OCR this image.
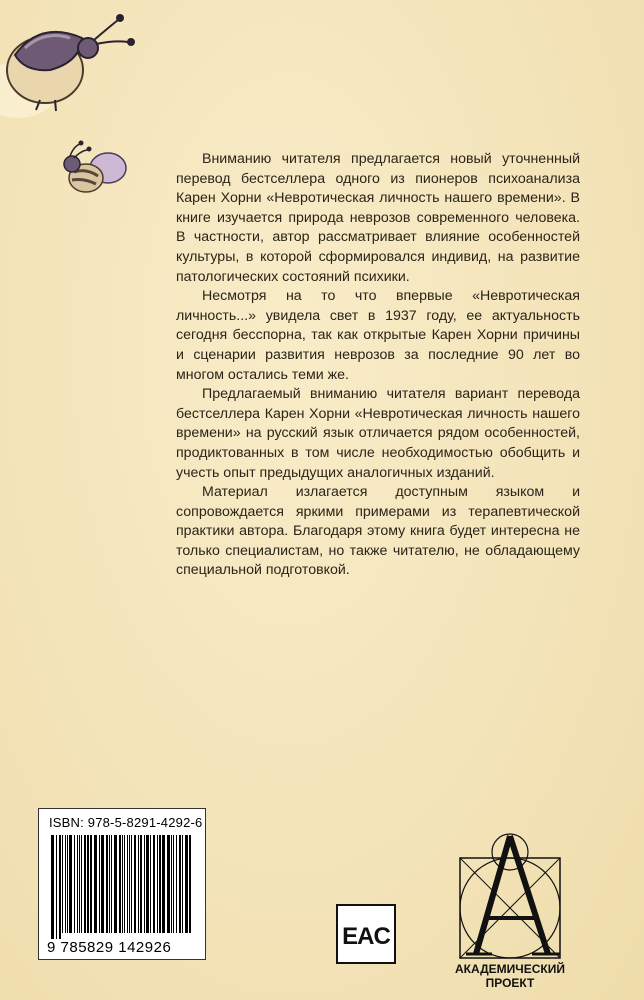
Вниманию читателя предлагается новый уточненный перевод бестселлера одного из пионеров психоанализа Карен Хорни «Невротическая личность нашего времени». В книге изучается природа неврозов современного человека. В частности, автор рассматривает влияние особенностей культуры, в которой сформировался индивид, на развитие патологических состояний психики.

Несмотря на то что впервые «Невротическая личность...» увидела свет в 1937 году, ее актуальность сегодня бесспорна, так как открытые Карен Хорни причины и сценарии развития неврозов за последние 90 лет во многом остались теми же.

Предлагаемый вниманию читателя вариант перевода бестселлера Карен Хорни «Невротическая личность нашего времени» на русский язык отличается рядом особенностей, продиктованных в том числе необходимостью обобщить и учесть опыт предыдущих аналогичных изданий.

Материал излагается доступным языком и сопровождается яркими примерами из терапевтической практики автора. Благодаря этому книга будет интересна не только специалистам, но также читателю, не обладающему специальной подготовкой.

ISBN: 978-5-8291-4292-6
9 785829 142926	EAC
АКАДЕМИЧЕСКИЙ
ПРОЕКТ
